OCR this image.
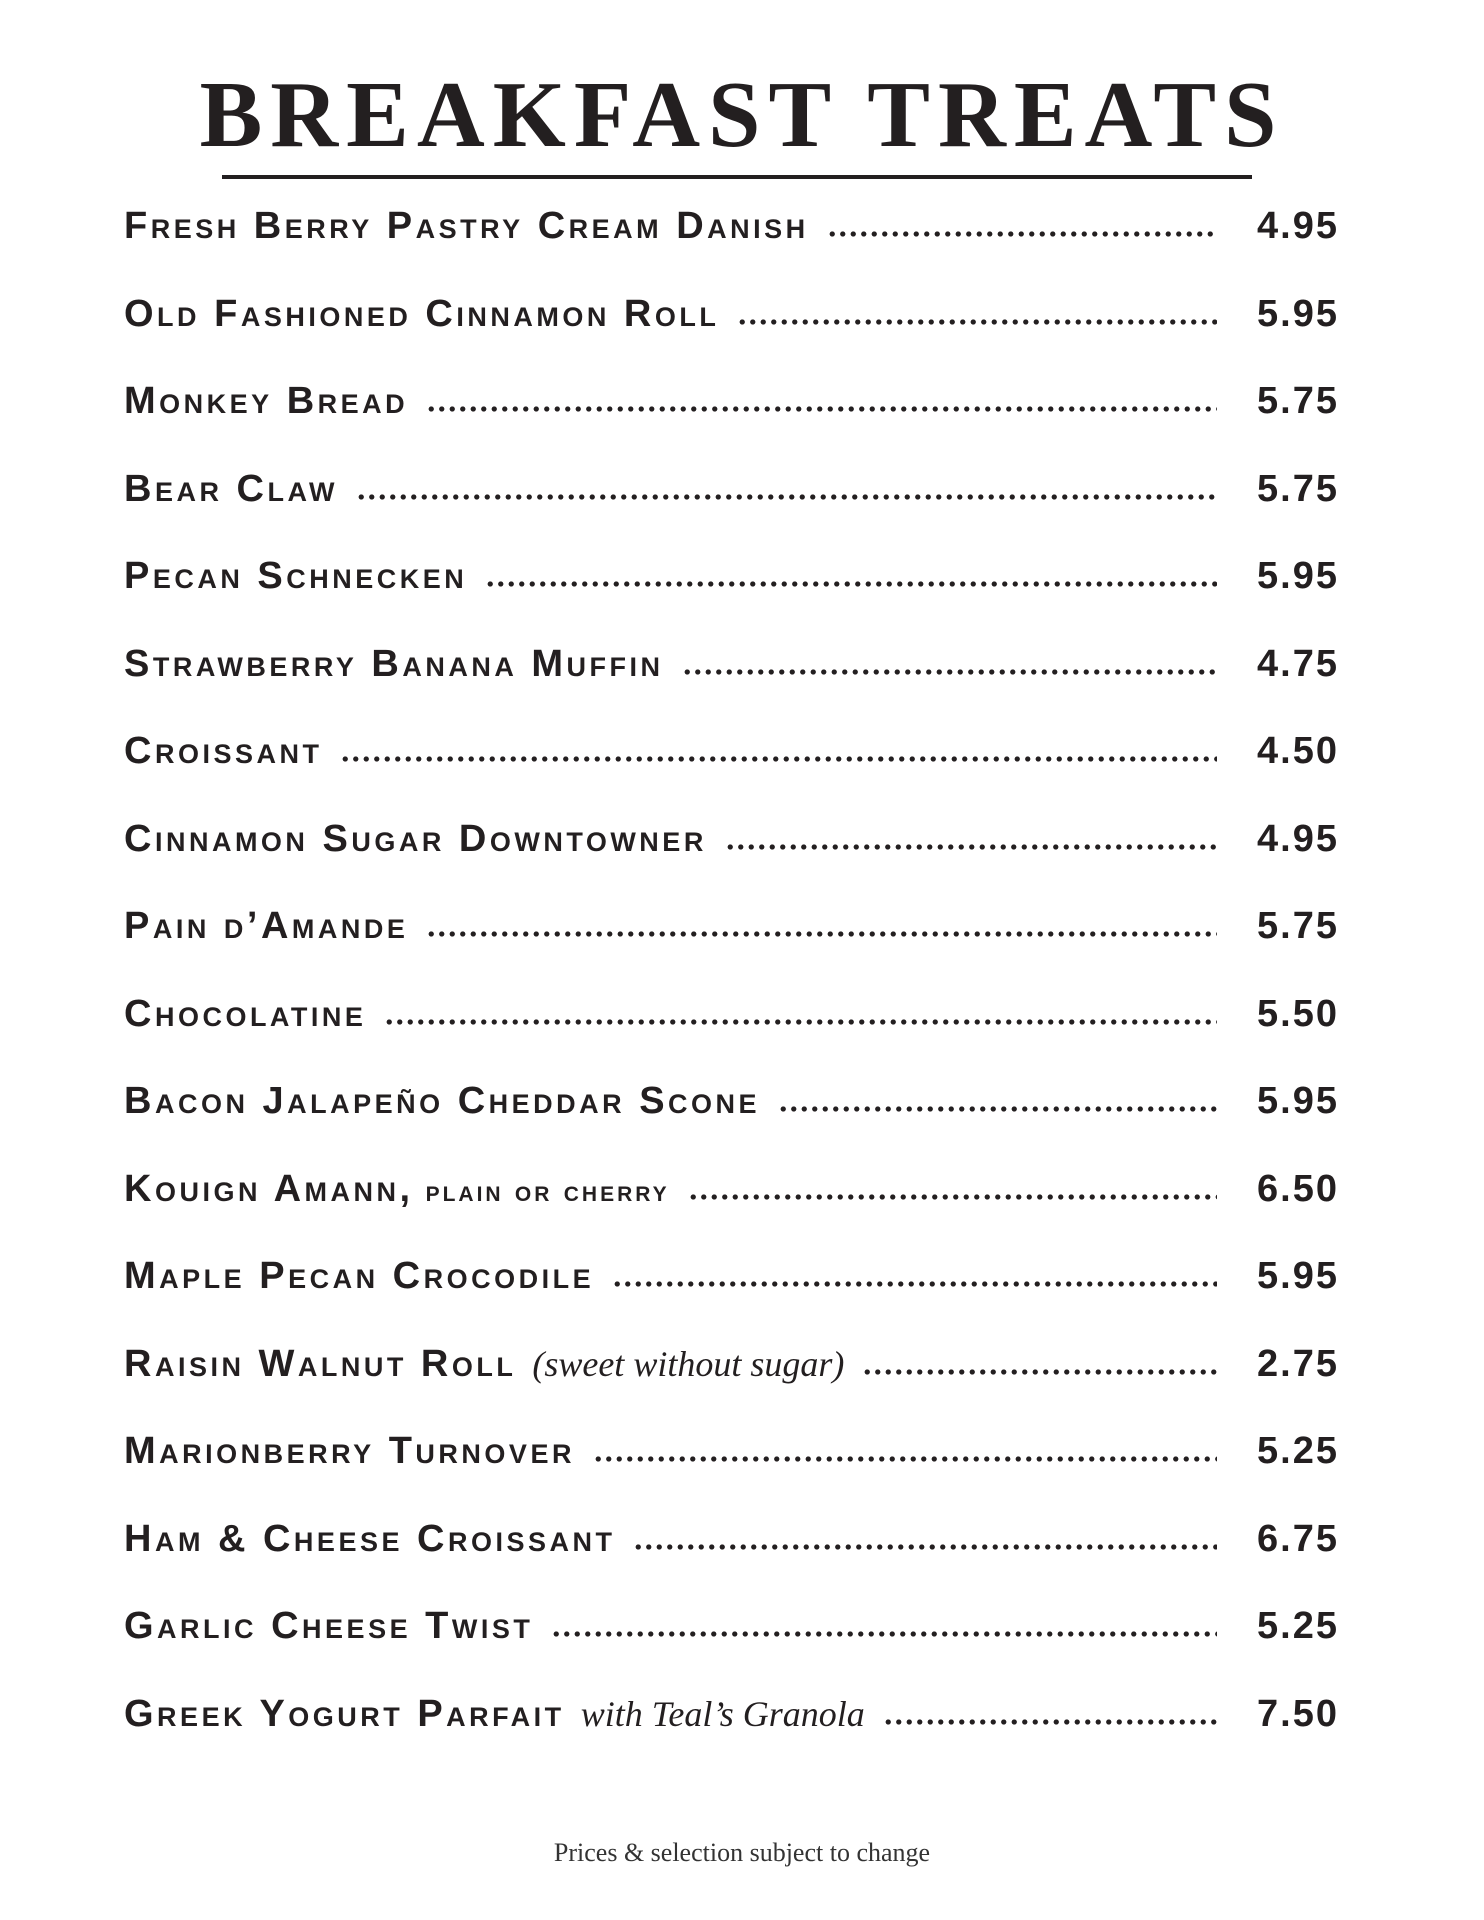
BREAKFAST TREATS
Fresh Berry Pastry Cream Danish	4.95
Old Fashioned Cinnamon Roll	5.95
Monkey Bread	5.75
Bear Claw	5.75
Pecan Schnecken	5.95
Strawberry Banana Muffin	4.75
Croissant	4.50
Cinnamon Sugar Downtowner	4.95
Pain d’Amande	5.75
Chocolatine	5.50
Bacon Jalapeño Cheddar Scone	5.95
Kouign Amann, plain or cherry	6.50
Maple Pecan Crocodile	5.95
Raisin Walnut Roll (sweet without sugar)	2.75
Marionberry Turnover	5.25
Ham & Cheese Croissant	6.75
Garlic Cheese Twist	5.25
Greek Yogurt Parfait with Teal’s Granola	7.50
Prices & selection subject to change
